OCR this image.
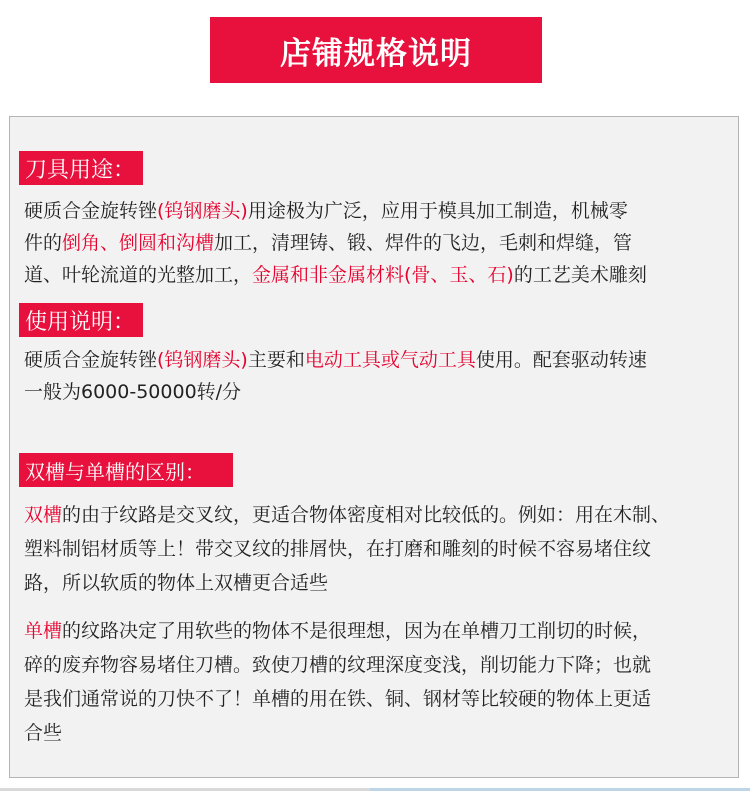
店铺规格说明
刀具用途：
硬质合金旋转锉(钨钢磨头)用途极为广泛，应用于模具加工制造，机械零
件的倒角、倒圆和沟槽加工，清理铸、锻、焊件的飞边，毛刺和焊缝，管
道、叶轮流道的光整加工，金属和非金属材料(骨、玉、石)的工艺美术雕刻
使用说明：
硬质合金旋转锉(钨钢磨头)主要和电动工具或气动工具使用。配套驱动转速
一般为6000-50000转/分
双槽与单槽的区别：
双槽的由于纹路是交叉纹，更适合物体密度相对比较低的。例如：用在木制、
塑料制铝材质等上！带交叉纹的排屑快，在打磨和雕刻的时候不容易堵住纹
路，所以软质的物体上双槽更合适些
单槽的纹路决定了用软些的物体不是很理想，因为在单槽刀工削切的时候，
碎的废弃物容易堵住刀槽。致使刀槽的纹理深度变浅，削切能力下降；也就
是我们通常说的刀快不了！单槽的用在铁、铜、钢材等比较硬的物体上更适
合些
